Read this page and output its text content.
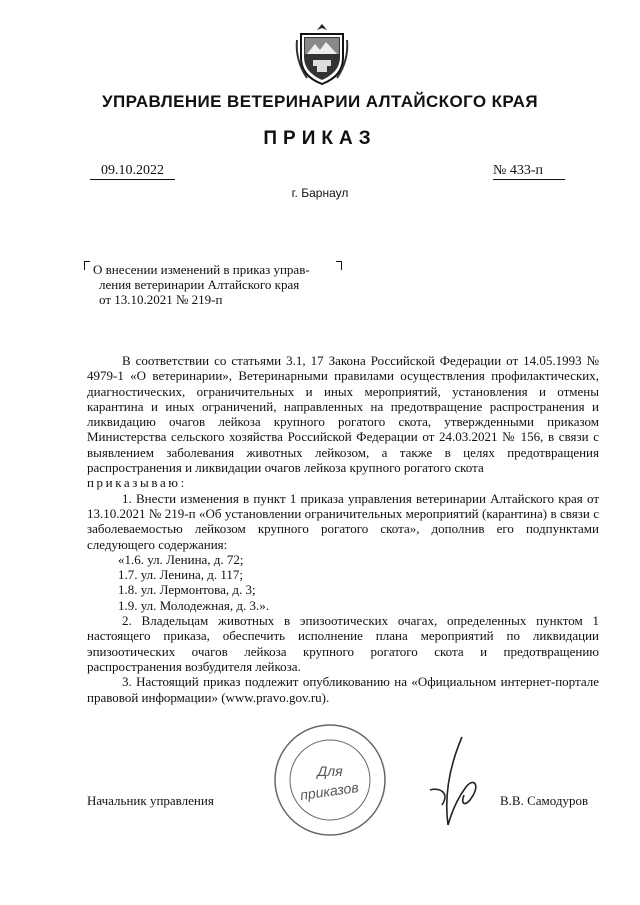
УПРАВЛЕНИЕ ВЕТЕРИНАРИИ АЛТАЙСКОГО КРАЯ
ПРИКАЗ
09.10.2022	№ 433-п
г. Барнаул
О внесении изменений в приказ управ-
ления ветеринарии Алтайского края
от 13.10.2021 № 219-п

В соответствии со статьями 3.1, 17 Закона Российской Федерации от 14.05.1993 № 4979-1 «О ветеринарии», Ветеринарными правилами осуществления профилактических, диагностических, ограничительных и иных мероприятий, установления и отмены карантина и иных ограничений, направленных на предотвращение распространения и ликвидацию очагов лейкоза крупного рогатого скота, утвержденными приказом Министерства сельского хозяйства Российской Федерации от 24.03.2021 № 156, в связи с выявлением заболевания животных лейкозом, а также в целях предотвращения распространения и ликвидации очагов лейкоза крупного рогатого скота

приказываю:

1. Внести изменения в пункт 1 приказа управления ветеринарии Алтайского края от 13.10.2021 № 219-п «Об установлении ограничительных мероприятий (карантина) в связи с заболеваемостью лейкозом крупного рогатого скота», дополнив его подпунктами следующего содержания:

«1.6. ул. Ленина, д. 72;

1.7. ул. Ленина, д. 117;

1.8. ул. Лермонтова, д. 3;

1.9. ул. Молодежная, д. 3.».

2. Владельцам животных в эпизоотических очагах, определенных пунктом 1 настоящего приказа, обеспечить исполнение плана мероприятий по ликвидации эпизоотических очагов лейкоза крупного рогатого скота и предотвращению распространения возбудителя лейкоза.

3. Настоящий приказ подлежит опубликованию на «Официальном интернет-портале правовой информации» (www.pravo.gov.ru).

Для
приказов
Начальник управления	В.В. Самодуров
